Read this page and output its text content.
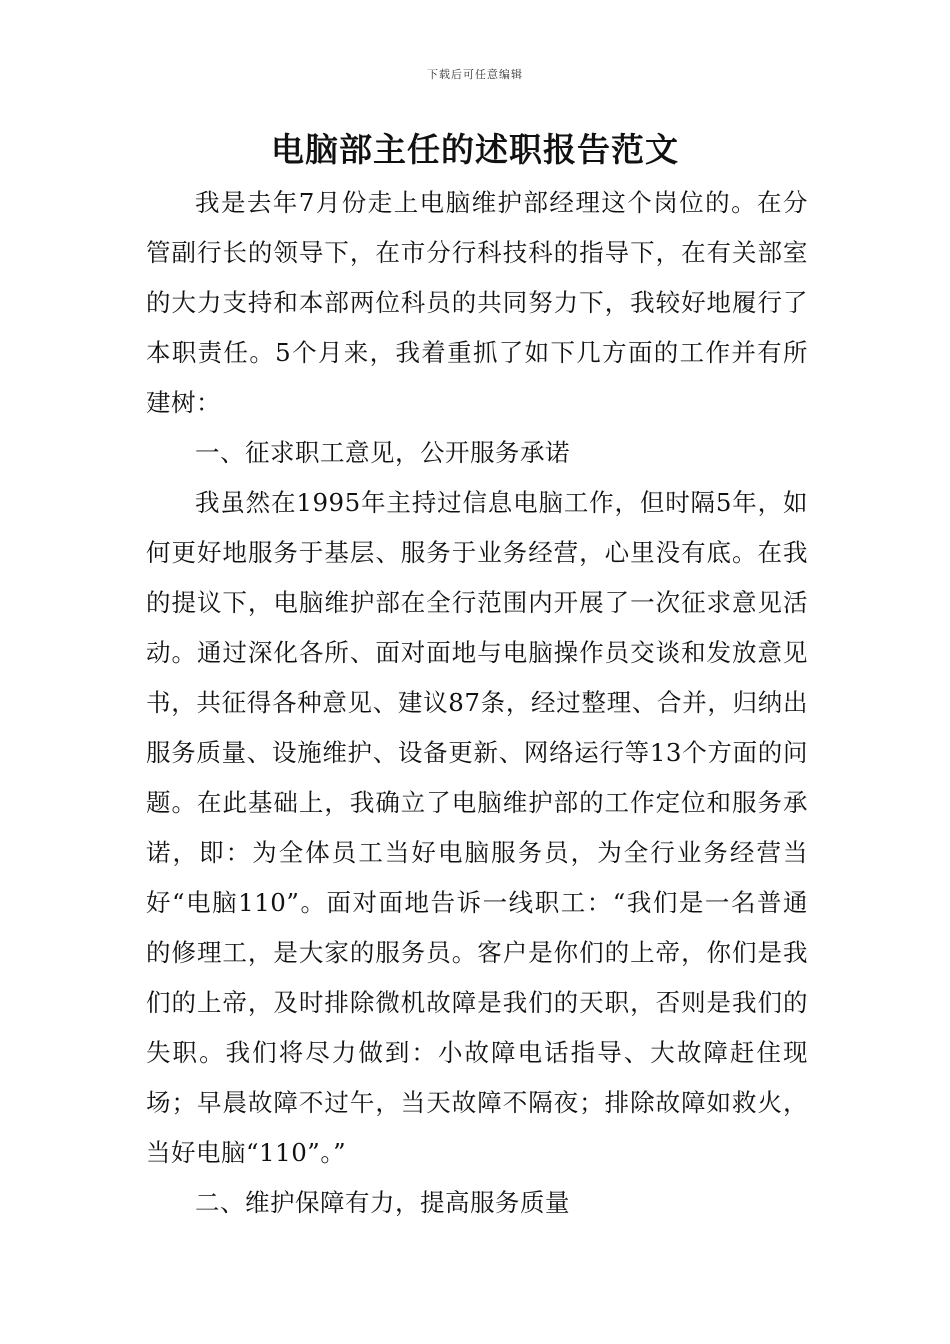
下载后可任意编辑
电脑部主任的述职报告范文

我是去年7月份走上电脑维护部经理这个岗位的。在分管副行长的领导下，在市分行科技科的指导下，在有关部室的大力支持和本部两位科员的共同努力下，我较好地履行了本职责任。5个月来，我着重抓了如下几方面的工作并有所建树：

一、征求职工意见，公开服务承诺

我虽然在1995年主持过信息电脑工作，但时隔5年，如何更好地服务于基层、服务于业务经营，心里没有底。在我的提议下，电脑维护部在全行范围内开展了一次征求意见活动。通过深化各所、面对面地与电脑操作员交谈和发放意见书，共征得各种意见、建议87条，经过整理、合并，归纳出服务质量、设施维护、设备更新、网络运行等13个方面的问题。在此基础上，我确立了电脑维护部的工作定位和服务承诺，即：为全体员工当好电脑服务员，为全行业务经营当好“电脑110”。面对面地告诉一线职工：“我们是一名普通的修理工，是大家的服务员。客户是你们的上帝，你们是我们的上帝，及时排除微机故障是我们的天职，否则是我们的失职。我们将尽力做到：小故障电话指导、大故障赶住现场；早晨故障不过午，当天故障不隔夜；排除故障如救火，当好电脑“110”。”

二、维护保障有力，提高服务质量
